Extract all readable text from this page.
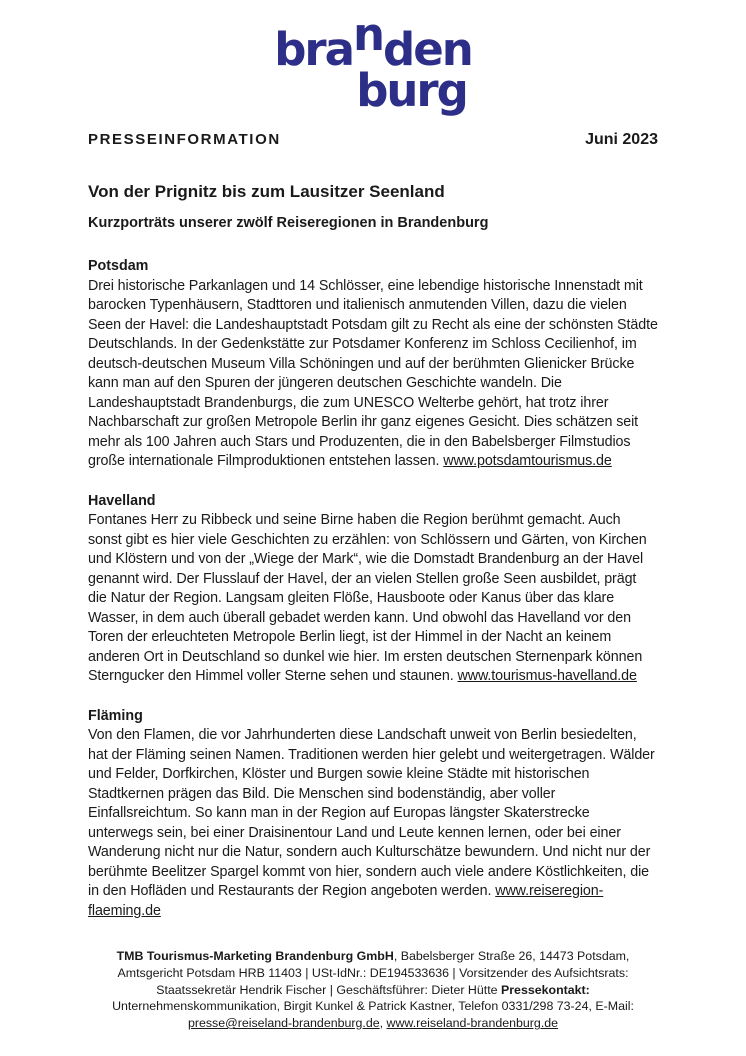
branden
burg
PRESSEINFORMATION	Juni 2023
Von der Prignitz bis zum Lausitzer Seenland
Kurzporträts unserer zwölf Reiseregionen in Brandenburg
Potsdam

Drei historische Parkanlagen und 14 Schlösser, eine lebendige historische Innenstadt mit barocken Typenhäusern, Stadttoren und italienisch anmutenden Villen, dazu die vielen Seen der Havel: die Landeshauptstadt Potsdam gilt zu Recht als eine der schönsten Städte Deutschlands. In der Gedenkstätte zur Potsdamer Konferenz im Schloss Cecilienhof, im deutsch-deutschen Museum Villa Schöningen und auf der berühmten Glienicker Brücke kann man auf den Spuren der jüngeren deutschen Geschichte wandeln. Die Landeshauptstadt Brandenburgs, die zum UNESCO Welterbe gehört, hat trotz ihrer Nachbarschaft zur großen Metropole Berlin ihr ganz eigenes Gesicht. Dies schätzen seit mehr als 100 Jahren auch Stars und Produzenten, die in den Babelsberger Filmstudios große internationale Filmproduktionen entstehen lassen. www.potsdamtourismus.de

Havelland

Fontanes Herr zu Ribbeck und seine Birne haben die Region berühmt gemacht. Auch sonst gibt es hier viele Geschichten zu erzählen: von Schlössern und Gärten, von Kirchen und Klöstern und von der „Wiege der Mark“, wie die Domstadt Brandenburg an der Havel genannt wird. Der Flusslauf der Havel, der an vielen Stellen große Seen ausbildet, prägt die Natur der Region. Langsam gleiten Flöße, Hausboote oder Kanus über das klare Wasser, in dem auch überall gebadet werden kann. Und obwohl das Havelland vor den Toren der erleuchteten Metropole Berlin liegt, ist der Himmel in der Nacht an keinem anderen Ort in Deutschland so dunkel wie hier. Im ersten deutschen Sternenpark können Sterngucker den Himmel voller Sterne sehen und staunen. www.tourismus-havelland.de

Fläming

Von den Flamen, die vor Jahrhunderten diese Landschaft unweit von Berlin besiedelten, hat der Fläming seinen Namen. Traditionen werden hier gelebt und weitergetragen. Wälder und Felder, Dorfkirchen, Klöster und Burgen sowie kleine Städte mit historischen Stadtkernen prägen das Bild. Die Menschen sind bodenständig, aber voller Einfallsreichtum. So kann man in der Region auf Europas längster Skaterstrecke unterwegs sein, bei einer Draisinentour Land und Leute kennen lernen, oder bei einer Wanderung nicht nur die Natur, sondern auch Kulturschätze bewundern. Und nicht nur der berühmte Beelitzer Spargel kommt von hier, sondern auch viele andere Köstlichkeiten, die in den Hofläden und Restaurants der Region angeboten werden. www.reiseregion-flaeming.de

TMB Tourismus-Marketing Brandenburg GmbH, Babelsberger Straße 26, 14473 Potsdam, Amtsgericht Potsdam HRB 11403 | USt-IdNr.: DE194533636 | Vorsitzender des Aufsichtsrats: Staatssekretär Hendrik Fischer | Geschäftsführer: Dieter Hütte Pressekontakt: Unternehmenskommunikation, Birgit Kunkel & Patrick Kastner, Telefon 0331/298 73-24, E-Mail: presse@reiseland-brandenburg.de, www.reiseland-brandenburg.de
